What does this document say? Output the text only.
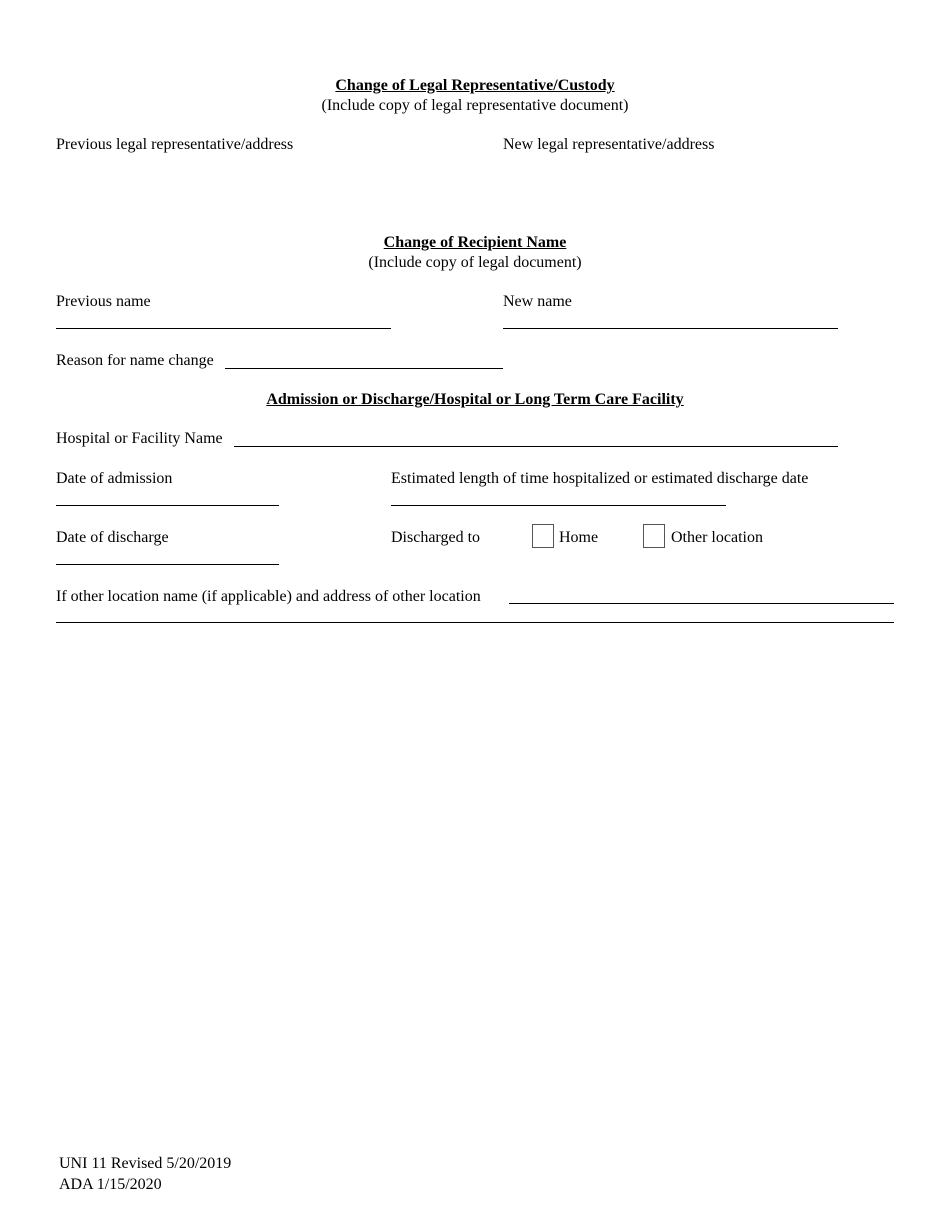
Change of Legal Representative/Custody
(Include copy of legal representative document)
Previous legal representative/address	New legal representative/address
Change of Recipient Name
(Include copy of legal document)
Previous name	New name
Reason for name change
Admission or Discharge/Hospital or Long Term Care Facility
Hospital or Facility Name
Date of admission	Estimated length of time hospitalized or estimated discharge date
Date of discharge	Discharged to	Home	Other location
If other location name (if applicable) and address of other location
UNI 11 Revised 5/20/2019
ADA 1/15/2020
